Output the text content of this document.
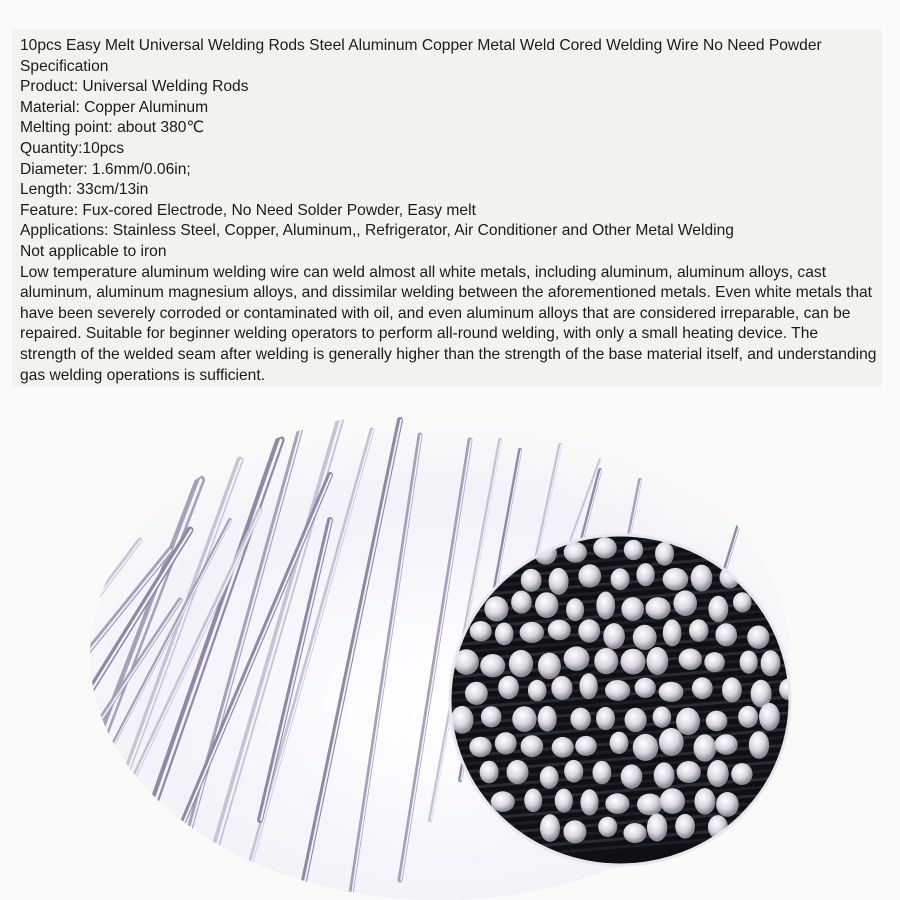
10pcs Easy Melt Universal Welding Rods Steel Aluminum Copper Metal Weld Cored Welding Wire No Need Powder

Specification

Product: Universal Welding Rods

Material: Copper Aluminum

Melting point: about 380℃

Quantity:10pcs

Diameter: 1.6mm/0.06in;

Length: 33cm/13in

Feature: Fux-cored Electrode, No Need Solder Powder, Easy melt

Applications: Stainless Steel, Copper, Aluminum,, Refrigerator, Air Conditioner and Other Metal Welding

Not applicable to iron

Low temperature aluminum welding wire can weld almost all white metals, including aluminum, aluminum alloys, cast aluminum, aluminum magnesium alloys, and dissimilar welding between the aforementioned metals. Even white metals that have been severely corroded or contaminated with oil, and even aluminum alloys that are considered irreparable, can be repaired. Suitable for beginner welding operators to perform all-round welding, with only a small heating device. The strength of the welded seam after welding is generally higher than the strength of the base material itself, and understanding gas welding operations is sufficient.
